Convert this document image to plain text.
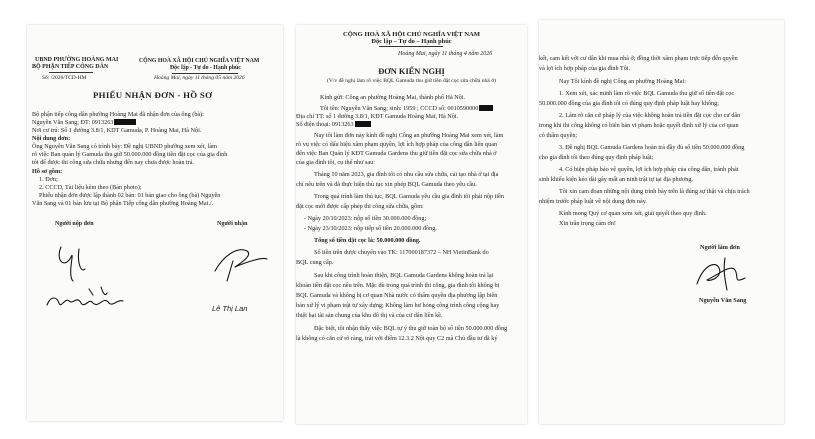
UBND PHƯỜNG HOÀNG MAI
BỘ PHẬN TIẾP CÔNG DÂN
Số: /2026/TCD-HM
CỘNG HOÀ XÃ HỘI CHỦ NGHĨA VIỆT NAM
Độc lập - Tự do - Hạnh phúc
Hoàng Mai, ngày 11 tháng 05 năm 2026
PHIẾU NHẬN ĐƠN - HỒ SƠ
Bộ phận tiếp công dân phường Hoàng Mai đã nhận đơn của ông (bà):
Nguyễn Văn Sang; ĐT: 0913263
Nơi cư trú: Số 1 đường 3.8/1, KDT Gamuda, P. Hoàng Mai, Hà Nội.
Nội dung đơn:
Ông Nguyễn Văn Sang có trình bày: Đề nghị UBND phường xem xét, làm
rõ việc Ban quản lý Gamuda thu giữ 50.000.000 đồng tiền đặt cọc của gia đình
tôi để được thi công sửa chữa nhưng đến nay chưa được hoàn trả.
Hồ sơ gồm:
1. Đơn;
2. CCCD, Tài liệu kèm theo (Bản photo);
Phiếu nhận đơn được lập thành 02 bản: 01 bản giao cho ông (bà) Nguyễn
Văn Sang và 01 bản lưu tại Bộ phận Tiếp công dân phường Hoàng Mai./.
Người nộp đơn	Người nhận
Lê Thị Lan
CỘNG HOÀ XÃ HỘI CHỦ NGHĨA VIỆT NAM
Độc lập – Tự do – Hạnh phúc
Hoàng Mai, ngày 11 tháng 4 năm 2026
ĐƠN KIẾN NGHỊ
(V/v đề nghị làm rõ việc BQL Gamuda thu giữ tiền đặt cọc sửa chữa nhà ở)
Kính gửi: Công an phường Hoàng Mai, thành phố Hà Nội.
Tôi tên: Nguyễn Văn Sang; sinh: 1959 ; CCCD số: 0010590000
Địa chỉ TT: số 1 đường 3.8/1, KĐT Gamuda Hoàng Mai, Hà Nội.
Số điện thoại: 0913263
Nay tôi làm đơn này kính đề nghị Công an phường Hoàng Mai xem xét, làm
rõ vụ việc có dấu hiệu xâm phạm quyền, lợi ích hợp pháp của công dân liên quan
đến việc Ban Quản lý KĐT Gamuda Gardens thu giữ tiền đặt cọc sửa chữa nhà ở
của gia đình tôi, cụ thể như sau:
Tháng 10 năm 2023, gia đình tôi có nhu cầu sửa chữa, cải tạo nhà ở tại địa
chỉ nêu trên và đã thực hiện thủ tục xin phép BQL Gamuda theo yêu cầu.
Trong quá trình làm thủ tục, BQL Gamuda yêu cầu gia đình tôi phải nộp tiền
đặt cọc mới được cấp phép thi công sửa chữa, gồm:
- Ngày 20/10/2023: nộp số tiền 30.000.000 đồng;
- Ngày 23/10/2023: nộp tiếp số tiền 20.000.000 đồng.
Tổng số tiền đặt cọc là: 50.000.000 đồng.
Số tiền trên được chuyển vào TK: 117000187372 – NH VietinBank do
BQL cung cấp.
Sau khi công trình hoàn thiện, BQL Gamuda Gardens không hoàn trả lại
khoản tiền đặt cọc nêu trên. Mặc dù trong quá trình thi công, gia đình tôi không bị
BQL Gamuda và không bị cơ quan Nhà nước có thẩm quyền địa phương lập biên
bản xử lý vi phạm trật tự xây dựng; Không làm hư hỏng công trình công cộng hay
thiệt hại tài sản chung của khu dô thị và của cư dân liền kề.
Đặc biệt, tôi nhận thấy việc BQL tự ý thu giữ toàn bộ số tiền 50.000.000 đồng
là không có căn cứ rõ ràng, trái với điểm 12.3.2 Nội quy C2 mà Chủ đầu tư đã ký
kết, cam kết với cư dân khi mua nhà ở; đồng thời xâm phạm trực tiếp đến quyền
và lợi ích hợp pháp của gia đình Tôi.
Nay Tôi kính đề nghị Công an phường Hoàng Mai:
1. Xem xét, xác minh làm rõ việc BQL Gamuda thu giữ số tiền đặt cọc
50.000.000 đồng của gia đình tôi có đúng quy định pháp luật hay không;
2. Làm rõ căn cứ pháp lý của việc không hoàn trả tiền đặt cọc cho cư dân
trong khi thi công không có biên bản vi phạm hoặc quyết định xử lý của cơ quan
có thẩm quyền;
3. Đề nghị BQL Gamuda Gardens hoàn trả đầy đủ số tiền 50.000.000 đồng
cho gia đình tôi theo đúng quy định pháp luật;
4. Có biện pháp bảo vệ quyền, lợi ích hợp pháp của công dân, tránh phát
sinh khiếu kiện kéo dài gây mất an ninh trật tự tại địa phương.
Tôi xin cam đoan những nội dung trình bày trên là đúng sự thật và chịu trách
nhiệm trước pháp luật về nội dung đơn này.
Kính mong Quý cơ quan xem xét, giải quyết theo quy định.
Xin trân trọng cảm ơn!
Người làm đơn
Nguyễn Văn Sang
